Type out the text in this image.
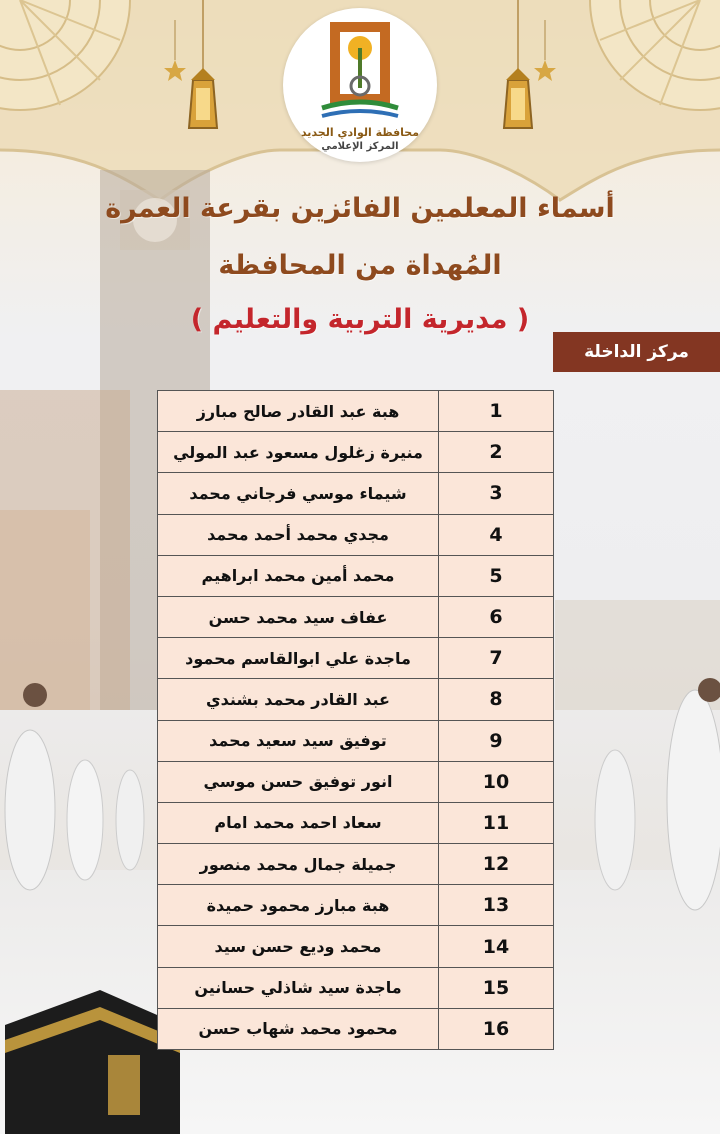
محافظة الوادي الجديد
المركز الإعلامي
أسماء المعلمين الفائزين بقرعة العمرة
المُهداة من المحافظة
( مديرية التربية والتعليم )
مركز الداخلة
1	هبة عبد القادر صالح مبارز
2	منيرة زغلول مسعود عبد المولي
3	شيماء موسي فرجاني محمد
4	مجدي محمد أحمد محمد
5	محمد أمين محمد ابراهيم
6	عفاف سيد محمد حسن
7	ماجدة علي ابوالقاسم محمود
8	عبد القادر محمد بشندي
9	توفيق سيد سعيد محمد
10	انور توفيق حسن موسي
11	سعاد احمد محمد امام
12	جميلة جمال محمد منصور
13	هبة مبارز محمود حميدة
14	محمد وديع حسن سيد
15	ماجدة سيد شاذلي حسانين
16	محمود محمد شهاب حسن
